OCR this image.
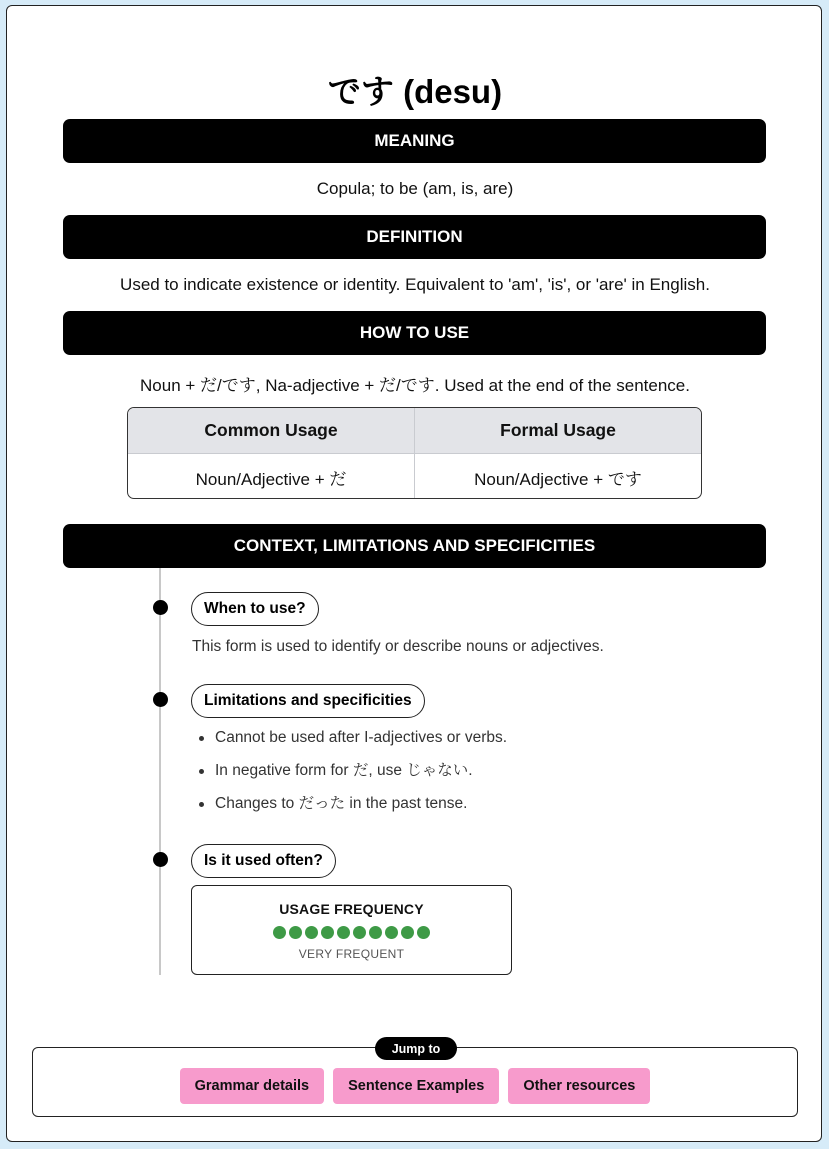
です (desu)
MEANING
Copula; to be (am, is, are)
DEFINITION
Used to indicate existence or identity. Equivalent to 'am', 'is', or 'are' in English.
HOW TO USE
Noun + だ/です, Na-adjective + だ/です. Used at the end of the sentence.
Common Usage	Formal Usage
Noun/Adjective + だ	Noun/Adjective + です
CONTEXT, LIMITATIONS AND SPECIFICITIES
When to use?
This form is used to identify or describe nouns or adjectives.
Limitations and specificities
Cannot be used after I-adjectives or verbs.
In negative form for だ, use じゃない.
Changes to だった in the past tense.
Is it used often?
USAGE FREQUENCY
VERY FREQUENT
Jump to
Grammar details	Sentence Examples	Other resources
